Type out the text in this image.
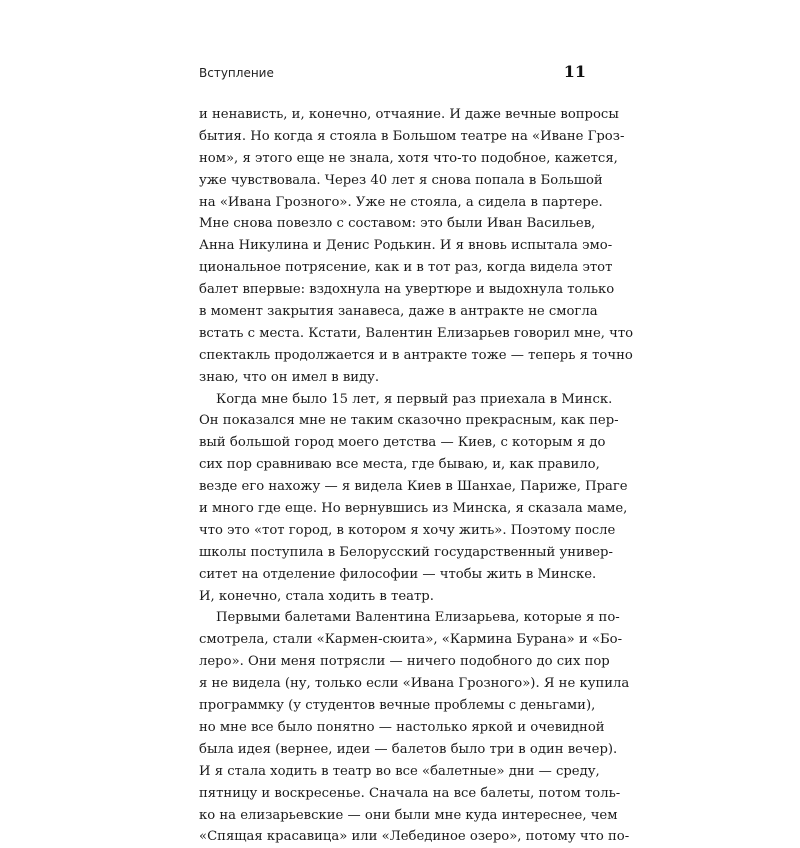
Вступление	11
и ненависть, и, конечно, отчаяние. И даже вечные вопросы
бытия. Но когда я стояла в Большом театре на «Иване Гроз-
ном», я этого еще не знала, хотя что-то подобное, кажется,
уже чувствовала. Через 40 лет я снова попала в Большой
на «Ивана Грозного». Уже не стояла, а сидела в партере.
Мне снова повезло с составом: это были Иван Васильев,
Анна Никулина и Денис Родькин. И я вновь испытала эмо-
циональное потрясение, как и в тот раз, когда видела этот
балет впервые: вздохнула на увертюре и выдохнула только
в момент закрытия занавеса, даже в антракте не смогла
встать с места. Кстати, Валентин Елизарьев говорил мне, что
спектакль продолжается и в антракте тоже — теперь я точно
знаю, что он имел в виду.
Когда мне было 15 лет, я первый раз приехала в Минск.
Он показался мне не таким сказочно прекрасным, как пер-
вый большой город моего детства — Киев, с которым я до
сих пор сравниваю все места, где бываю, и, как правило,
везде его нахожу — я видела Киев в Шанхае, Париже, Праге
и много где еще. Но вернувшись из Минска, я сказала маме,
что это «тот город, в котором я хочу жить». Поэтому после
школы поступила в Белорусский государственный универ-
ситет на отделение философии — чтобы жить в Минске.
И, конечно, стала ходить в театр.
Первыми балетами Валентина Елизарьева, которые я по-
смотрела, стали «Кармен-сюита», «Кармина Бурана» и «Бо-
леро». Они меня потрясли — ничего подобного до сих пор
я не видела (ну, только если «Ивана Грозного»). Я не купила
программку (у студентов вечные проблемы с деньгами),
но мне все было понятно — настолько яркой и очевидной
была идея (вернее, идеи — балетов было три в один вечер).
И я стала ходить в театр во все «балетные» дни — среду,
пятницу и воскресенье. Сначала на все балеты, потом толь-
ко на елизарьевские — они были мне куда интереснее, чем
«Спящая красавица» или «Лебединое озеро», потому что по-
